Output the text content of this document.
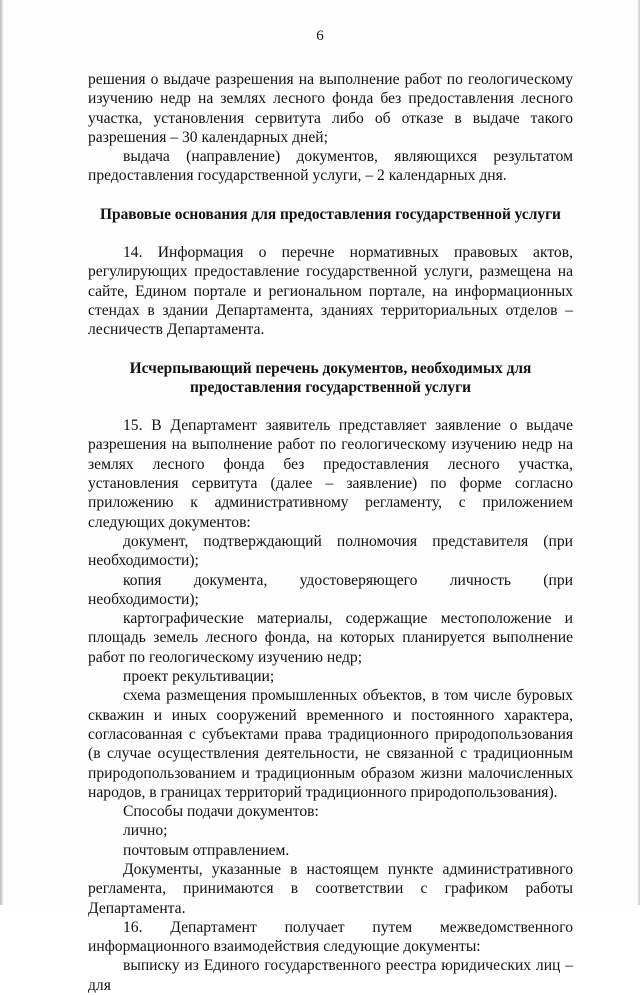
6

решения о выдаче разрешения на выполнение работ по геологическому изучению недр на землях лесного фонда без предоставления лесного участка, установления сервитута либо об отказе в выдаче такого разрешения – 30 календарных дней;

выдача (направление) документов, являющихся результатом предоставления государственной услуги, – 2 календарных дня.

Правовые основания для предоставления государственной услуги

14. Информация о перечне нормативных правовых актов, регулирующих предоставление государственной услуги, размещена на сайте, Едином портале и региональном портале, на информационных стендах в здании Департамента, зданиях территориальных отделов – лесничеств Департамента.

Исчерпывающий перечень документов, необходимых для
предоставления государственной услуги

15. В Департамент заявитель представляет заявление о выдаче разрешения на выполнение работ по геологическому изучению недр на землях лесного фонда без предоставления лесного участка, установления сервитута (далее – заявление) по форме согласно приложению к административному регламенту, с приложением следующих документов:

документ, подтверждающий полномочия представителя (при необходимости);

копия документа, удостоверяющего личность (при необходимости);

картографические материалы, содержащие местоположение и площадь земель лесного фонда, на которых планируется выполнение работ по геологическому изучению недр;

проект рекультивации;

схема размещения промышленных объектов, в том числе буровых скважин и иных сооружений временного и постоянного характера, согласованная с субъектами права традиционного природопользования (в случае осуществления деятельности, не связанной с традиционным природопользованием и традиционным образом жизни малочисленных народов, в границах территорий традиционного природопользования).

Способы подачи документов:

лично;

почтовым отправлением.

Документы, указанные в настоящем пункте административного регламента, принимаются в соответствии с графиком работы Департамента.

16. Департамент получает путем межведомственного информационного взаимодействия следующие документы:

выписку из Единого государственного реестра юридических лиц – для
